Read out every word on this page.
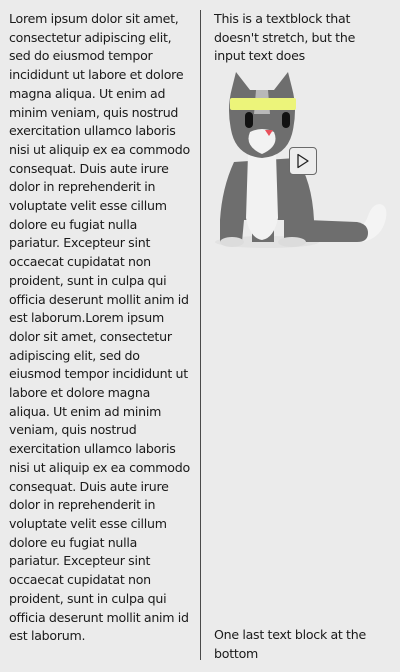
Lorem ipsum dolor sit amet, consectetur adipiscing elit, sed do eiusmod tempor incididunt ut labore et dolore magna aliqua. Ut enim ad minim veniam, quis nostrud exercitation ullamco laboris nisi ut aliquip ex ea commodo consequat. Duis aute irure dolor in reprehenderit in voluptate velit esse cillum dolore eu fugiat nulla pariatur. Excepteur sint occaecat cupidatat non proident, sunt in culpa qui officia deserunt mollit anim id est laborum.Lorem ipsum dolor sit amet, consectetur adipiscing elit, sed do eiusmod tempor incididunt ut labore et dolore magna aliqua. Ut enim ad minim veniam, quis nostrud exercitation ullamco laboris nisi ut aliquip ex ea commodo consequat. Duis aute irure dolor in reprehenderit in voluptate velit esse cillum dolore eu fugiat nulla pariatur. Excepteur sint occaecat cupidatat non proident, sunt in culpa qui officia deserunt mollit anim id est laborum.
This is a textblock that doesn't stretch, but the input text does
One last text block at the bottom
